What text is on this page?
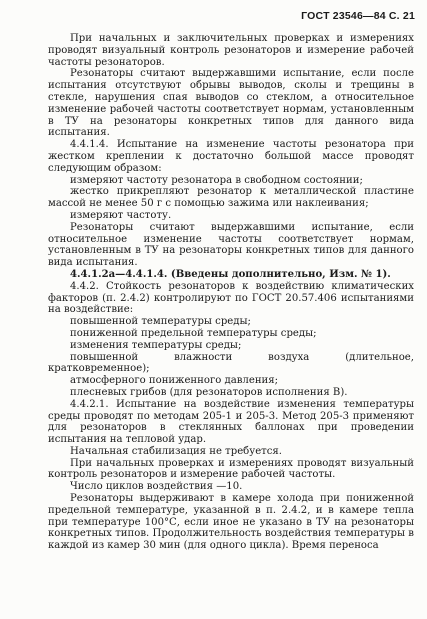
ГОСТ 23546—84 С. 21

При начальных и заключительных проверках и измерениях проводят визуальный контроль резонаторов и измерение рабочей частоты резонаторов.

Резонаторы считают выдержавшими испытание, если после испытания отсутствуют обрывы выводов, сколы и трещины в стекле, нарушения спая выводов со стеклом, а относительное изменение рабочей частоты соответствует нормам, установленным в ТУ на резонаторы конкретных типов для данного вида испытания.

4.4.1.4. Испытание на изменение частоты резонатора при жестком креплении к достаточно большой массе проводят следующим образом:

измеряют частоту резонатора в свободном состоянии;

жестко прикрепляют резонатор к металлической пластине массой не менее 50 г с помощью зажима или наклеивания;

измеряют частоту.

Резонаторы считают выдержавшими испытание, если относительное изменение частоты соответствует нормам, установленным в ТУ на резонаторы конкретных типов для данного вида испытания.

4.4.1.2а—4.4.1.4. (Введены дополнительно, Изм. № 1).

4.4.2. Стойкость резонаторов к воздействию климатических факторов (п. 2.4.2) контролируют по ГОСТ 20.57.406 испытаниями на воздействие:

повышенной температуры среды;

пониженной предельной температуры среды;

изменения температуры среды;

повышенной влажности воздуха (длительное, кратковременное);

атмосферного пониженного давления;

плесневых грибов (для резонаторов исполнения В).

4.4.2.1. Испытание на воздействие изменения температуры среды проводят по методам 205-1 и 205-3. Метод 205-3 применяют для резонаторов в стеклянных баллонах при проведении испытания на тепловой удар.

Начальная стабилизация не требуется.

При начальных проверках и измерениях проводят визуальный контроль резонаторов и измерение рабочей частоты.

Число циклов воздействия —10.

Резонаторы выдерживают в камере холода при пониженной предельной температуре, указанной в п. 2.4.2, и в камере тепла при температуре 100°С, если иное не указано в ТУ на резонаторы конкретных типов. Продолжительность воздействия температуры в каждой из камер 30 мин (для одного цикла). Время переноса
